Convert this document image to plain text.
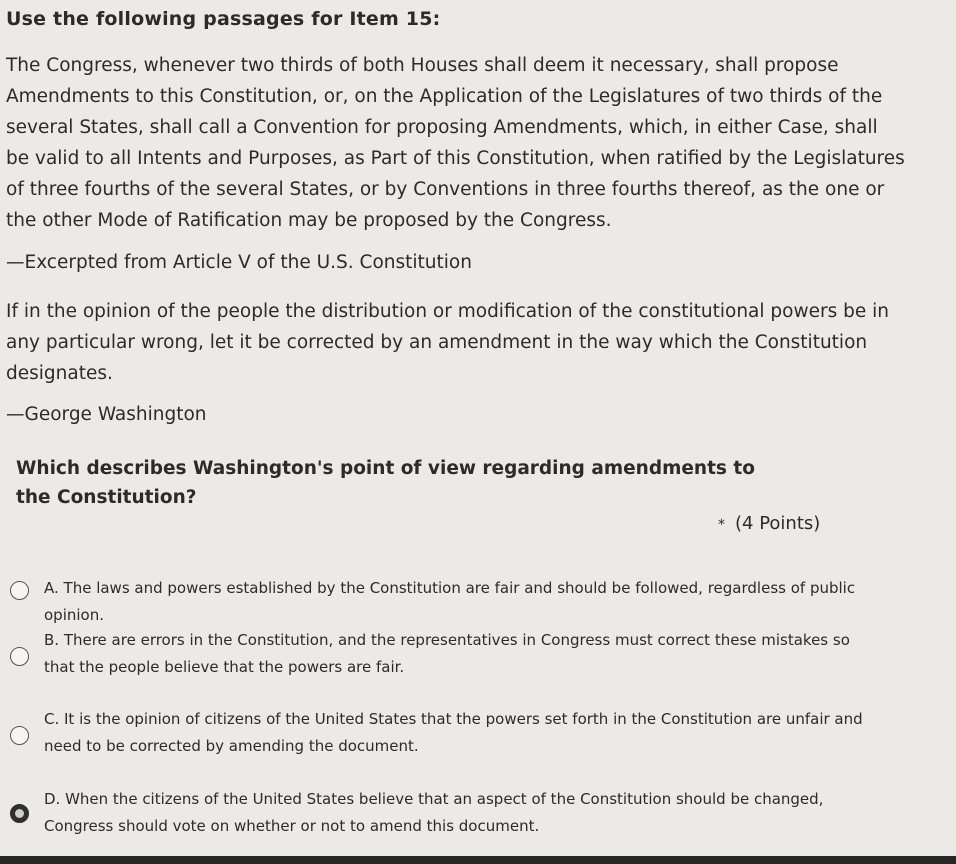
Use the following passages for Item 15:
The Congress, whenever two thirds of both Houses shall deem it necessary, shall propose Amendments to this Constitution, or, on the Application of the Legislatures of two thirds of the several States, shall call a Convention for proposing Amendments, which, in either Case, shall be valid to all Intents and Purposes, as Part of this Constitution, when ratified by the Legislatures of three fourths of the several States, or by Conventions in three fourths thereof, as the one or the other Mode of Ratification may be proposed by the Congress.
—Excerpted from Article V of the U.S. Constitution
If in the opinion of the people the distribution or modification of the constitutional powers be in any particular wrong, let it be corrected by an amendment in the way which the Constitution designates.
—George Washington
Which describes Washington's point of view regarding amendments to the Constitution?
* (4 Points)
A. The laws and powers established by the Constitution are fair and should be followed, regardless of public opinion.
B. There are errors in the Constitution, and the representatives in Congress must correct these mistakes so that the people believe that the powers are fair.
C. It is the opinion of citizens of the United States that the powers set forth in the Constitution are unfair and need to be corrected by amending the document.
D. When the citizens of the United States believe that an aspect of the Constitution should be changed, Congress should vote on whether or not to amend this document.
